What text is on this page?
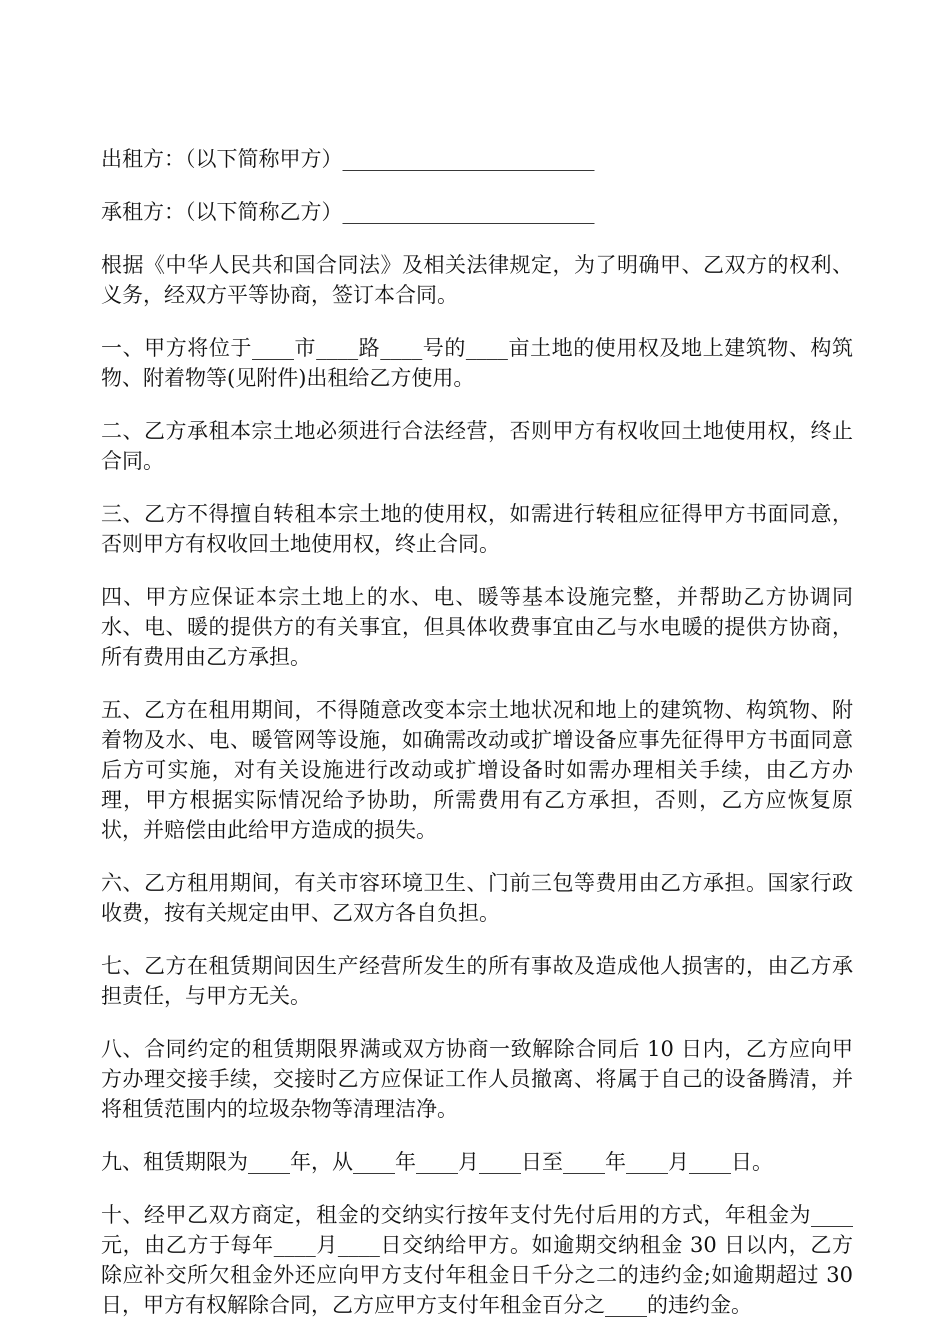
出租方：（以下简称甲方）________________________

承租方：（以下简称乙方）________________________

根据《中华人民共和国合同法》及相关法律规定，为了明确甲、乙双方的权利、义务，经双方平等协商，签订本合同。

一、甲方将位于____市____路____号的____亩土地的使用权及地上建筑物、构筑物、附着物等(见附件)出租给乙方使用。

二、乙方承租本宗土地必须进行合法经营，否则甲方有权收回土地使用权，终止合同。

三、乙方不得擅自转租本宗土地的使用权，如需进行转租应征得甲方书面同意，否则甲方有权收回土地使用权，终止合同。

四、甲方应保证本宗土地上的水、电、暖等基本设施完整，并帮助乙方协调同水、电、暖的提供方的有关事宜，但具体收费事宜由乙与水电暖的提供方协商，所有费用由乙方承担。

五、乙方在租用期间，不得随意改变本宗土地状况和地上的建筑物、构筑物、附着物及水、电、暖管网等设施，如确需改动或扩增设备应事先征得甲方书面同意后方可实施，对有关设施进行改动或扩增设备时如需办理相关手续，由乙方办理，甲方根据实际情况给予协助，所需费用有乙方承担，否则，乙方应恢复原状，并赔偿由此给甲方造成的损失。

六、乙方租用期间，有关市容环境卫生、门前三包等费用由乙方承担。国家行政收费，按有关规定由甲、乙双方各自负担。

七、乙方在租赁期间因生产经营所发生的所有事故及造成他人损害的，由乙方承担责任，与甲方无关。

八、合同约定的租赁期限界满或双方协商一致解除合同后 10 日内，乙方应向甲方办理交接手续，交接时乙方应保证工作人员撤离、将属于自己的设备腾清，并将租赁范围内的垃圾杂物等清理洁净。

九、租赁期限为____年，从____年____月____日至____年____月____日。

十、经甲乙双方商定，租金的交纳实行按年支付先付后用的方式，年租金为____元，由乙方于每年____月____日交纳给甲方。如逾期交纳租金 30 日以内，乙方除应补交所欠租金外还应向甲方支付年租金日千分之二的违约金;如逾期超过 30 日，甲方有权解除合同，乙方应甲方支付年租金百分之____的违约金。
